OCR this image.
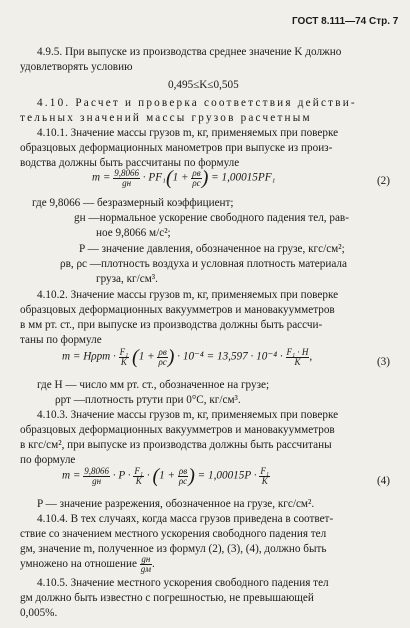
ГОСТ 8.111—74 Стр. 7
4.9.5. При выпуске из производства среднее значение K должно
удовлетворять условию
0,495≤K≤0,505
4.10. Расчет и проверка соответствия действи-
тельных значений массы грузов расчетным
4.10.1. Значение массы грузов m, кг, применяемых при поверке
образцовых деформационных манометров при выпуске из произ-
водства должны быть рассчитаны по формуле
$m = \frac{9,8066}{gн} \cdot PF_1(1 + \frac{\rho в}{\rho с}$ ) = 1,00015PF₁	(2)
где 9,8066 — безразмерный коэффициент;
gн —нормальное ускорение свободного падения тел, рав-
ное 9,8066 м/с²;
P — значение давления, обозначенное на грузе, кгс/см²;
ρв, ρс —плотность воздуха и условная плотность материала
груза, кг/см³.
4.10.2. Значение массы грузов m, кг, применяемых при поверке
образцовых деформационных вакуумметров и мановакуумметров
в мм рт. ст., при выпуске из производства должны быть рассчи-
таны по формуле
$m = H\rho рт \cdot \frac{\text{F₁}}{K} (1 + \frac{\rho в}{\rho с}$ ) · $10^{-4} = 13,597 \cdot 10^{-4} \cdot \frac{\text{F₁ · H}}{K}$ ,	(3)
где H — число мм рт. ст., обозначенное на грузе;
ρрт —плотность ртути при 0°С, кг/см³.
4.10.3. Значение массы грузов m, кг, применяемых при поверке
образцовых деформационных вакуумметров и мановакуумметров
в кгс/см², при выпуске из производства должны быть рассчитаны
по формуле
$m = \frac{9,8066}{gн} \cdot P \cdot \frac{\text{F₁}}{K} \cdot (1 + \frac{\rho в}{\rho с}$ ) = $1,00015P \cdot \frac{\text{F₁}}{K}$	(4)
P — значение разрежения, обозначенное на грузе, кгс/см².
4.10.4. В тех случаях, когда масса грузов приведена в соответ-
ствие со значением местного ускорения свободного падения тел
gм, значение m, полученное из формул (2), (3), (4), должно быть
умножено на отношение $\frac{gн}{gм}$ .
4.10.5. Значение местного ускорения свободного падения тел
gм должно быть известно с погрешностью, не превышающей
0,005%.
